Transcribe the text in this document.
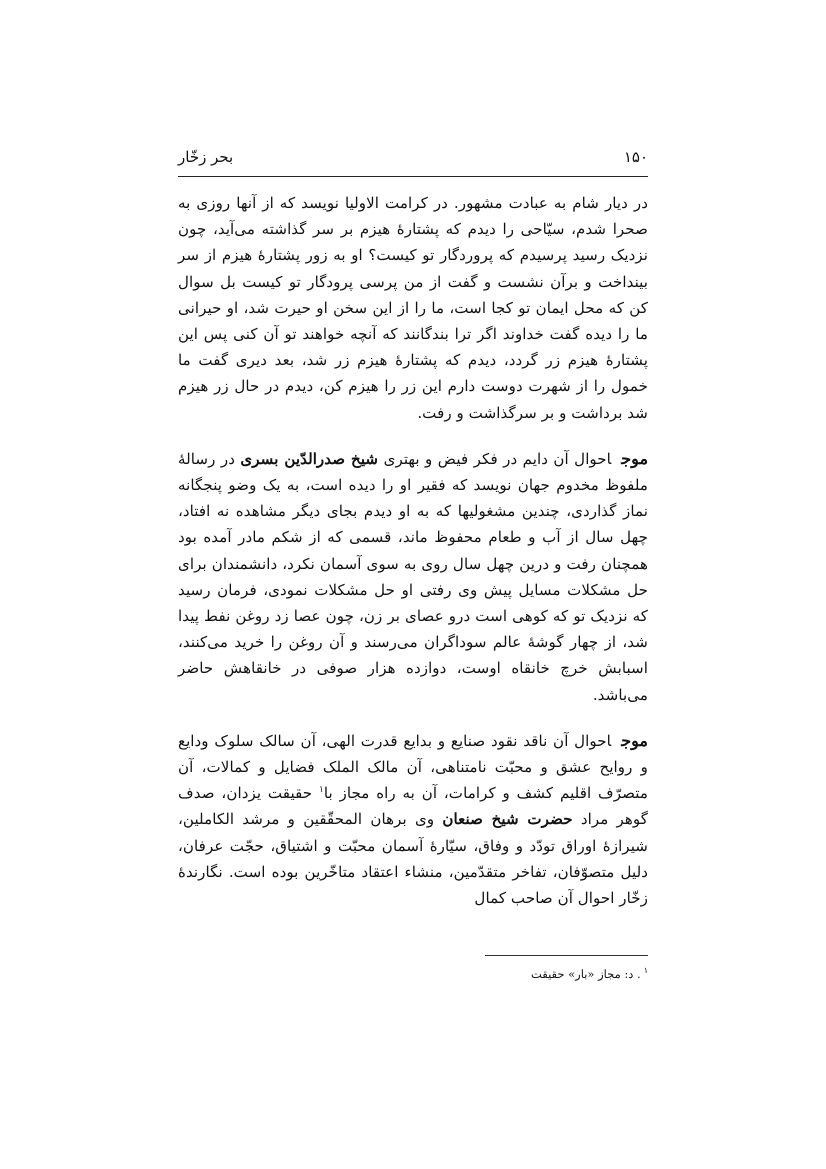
۱۵۰
بحر زخّار

در دیار شام به عبادت مشهور. در کرامت الاولیا نویسد که از آنها روزی به صحرا شدم، سیّاحی را دیدم که پشتارهٔ هیزم بر سر گذاشته می‌آید، چون نزدیک رسید پرسیدم که پروردگار تو کیست؟ او به زور پشتارهٔ هیزم از سر بینداخت و برآن نشست و گفت از من پرسی پرودگار تو کیست بل سوال کن که محل ایمان تو کجا است، ما را از این سخن او حیرت شد، او حیرانی ما را دیده گفت خداوند اگر ترا بندگانند که آنچه خواهند تو آن کنی پس این پشتارهٔ هیزم زر گردد، دیدم که پشتارهٔ هیزم زر شد، بعد دیری گفت ما خمول را از شهرت دوست دارم این زر را هیزم کن، دیدم در حال زر هیزم شد برداشت و بر سرگذاشت و رفت.

موجاحوال آن دایم در فکر فیض و بهتری شیخ صدرالدّین بسری در رسالهٔ ملفوظ مخدوم جهان نویسد که فقیر او را دیده است، به یک وضو پنجگانه نماز گذاردی، چندین مشغولیها که به او دیدم بجای دیگر مشاهده نه افتاد، چهل سال از آب و طعام محفوظ ماند، قسمی که از شکم مادر آمده بود همچنان رفت و درین چهل سال روی به سوی آسمان نکرد، دانشمندان برای حل مشکلات مسایل پیش وی رفتی او حل مشکلات نمودی، فرمان رسید که نزدیک تو که کوهی است درو عصای بر زن، چون عصا زد روغن نفط پیدا شد، از چهار گوشهٔ عالم سوداگران می‌رسند و آن روغن را خرید می‌کنند، اسبابش خرچ خانقاه اوست، دوازده هزار صوفی در خانقاهش حاضر می‌باشد.

موجاحوال آن ناقد نقود صنایع و بدایع قدرت الهی، آن سالک سلوک ودایع و روایح عشق و محبّت نامتناهی، آن مالک الملک فضایل و کمالات، آن متصرّف اقلیم کشف و کرامات، آن به راه مجاز با$^۱$ حقیقت یزدان، صدف گوهر مراد حضرت شیخ صنعان وی برهان المحقّقین و مرشد الکاملین، شیرازهٔ اوراق تودّد و وفاق، سیّارهٔ آسمان محبّت و اشتیاق، حجّت عرفان، دلیل متصوّفان، تفاخر متقدّمین، منشاء اعتقاد متاخّرین بوده است. نگارندهٔ زخّار احوال آن صاحب کمال

$^۱$. د: مجاز «بار» حقیقت
